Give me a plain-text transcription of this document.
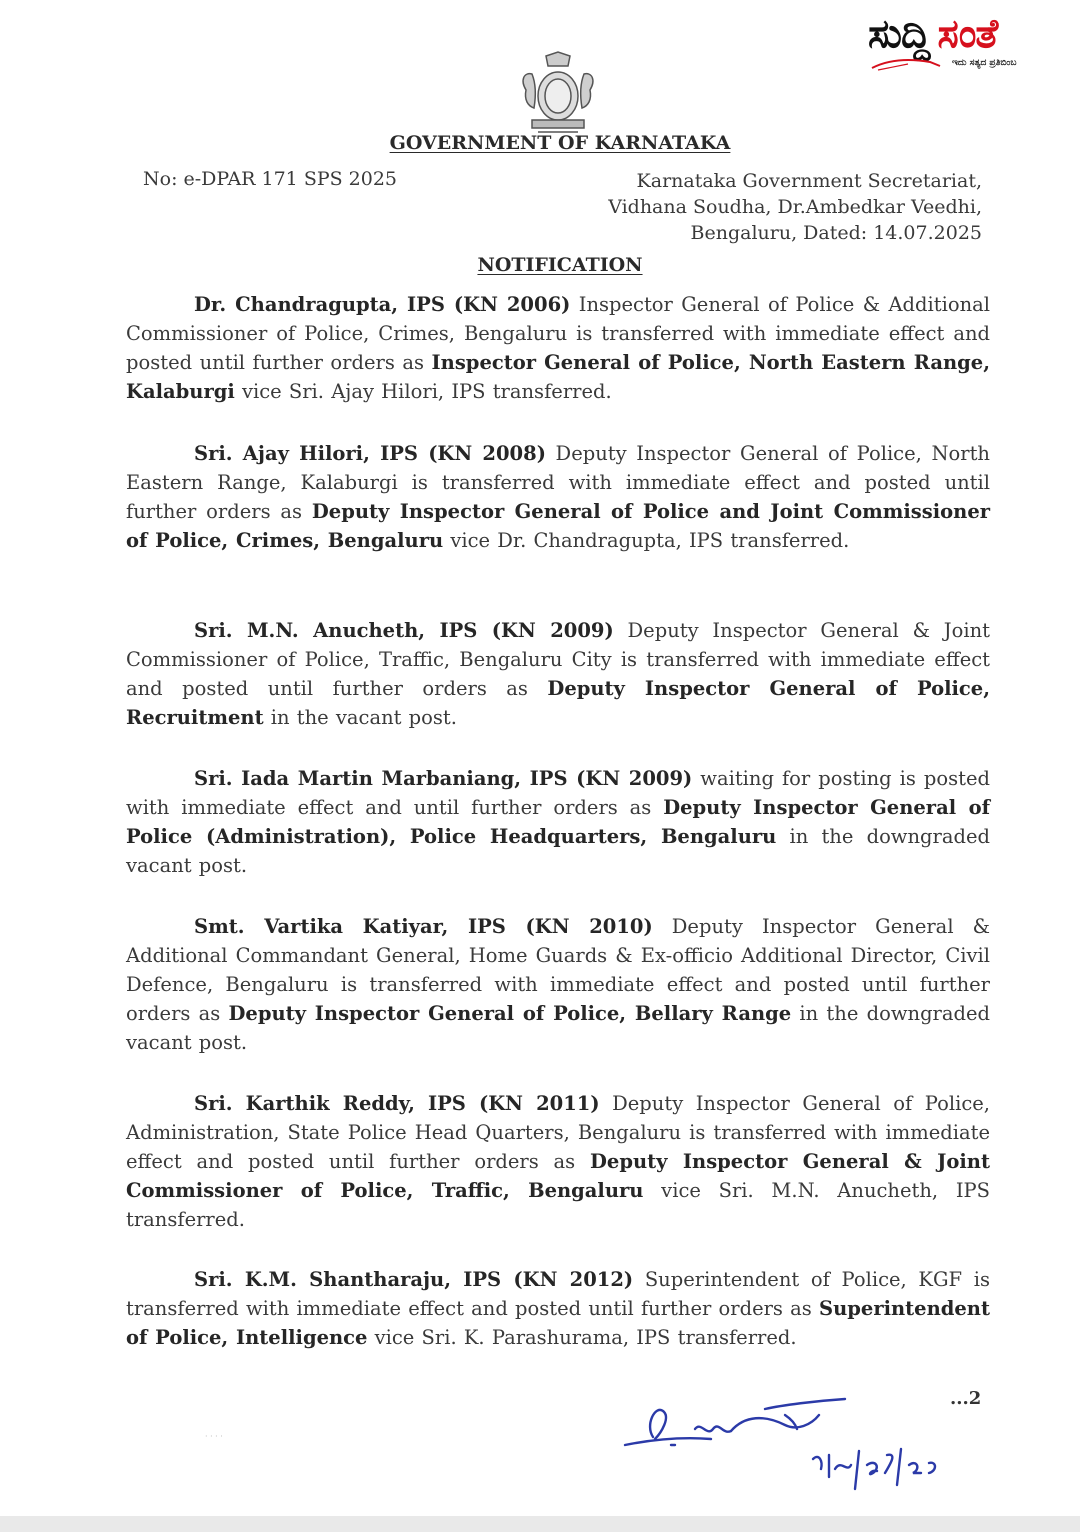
ಸುದ್ದಿ ಸಂತೆ
ಇದು ಸತ್ಯದ ಪ್ರತಿಬಿಂಬ
GOVERNMENT OF KARNATAKA
No: e-DPAR 171 SPS 2025	Karnataka Government Secretariat,
Vidhana Soudha, Dr.Ambedkar Veedhi,
Bengaluru, Dated: 14.07.2025
NOTIFICATION
Dr. Chandragupta, IPS (KN 2006) Inspector General of Police & Additional Commissioner of Police, Crimes, Bengaluru is transferred with immediate effect and posted until further orders as Inspector General of Police, North Eastern Range, Kalaburgi vice Sri. Ajay Hilori, IPS transferred.
Sri. Ajay Hilori, IPS (KN 2008) Deputy Inspector General of Police, North Eastern Range, Kalaburgi is transferred with immediate effect and posted until further orders as Deputy Inspector General of Police and Joint Commissioner of Police, Crimes, Bengaluru vice Dr. Chandragupta, IPS transferred.
Sri. M.N. Anucheth, IPS (KN 2009) Deputy Inspector General & Joint Commissioner of Police, Traffic, Bengaluru City is transferred with immediate effect and posted until further orders as Deputy Inspector General of Police, Recruitment in the vacant post.
Sri. Iada Martin Marbaniang, IPS (KN 2009) waiting for posting is posted with immediate effect and until further orders as Deputy Inspector General of Police (Administration), Police Headquarters, Bengaluru in the downgraded vacant post.
Smt. Vartika Katiyar, IPS (KN 2010) Deputy Inspector General & Additional Commandant General, Home Guards & Ex-officio Additional Director, Civil Defence, Bengaluru is transferred with immediate effect and posted until further orders as Deputy Inspector General of Police, Bellary Range in the downgraded vacant post.
Sri. Karthik Reddy, IPS (KN 2011) Deputy Inspector General of Police, Administration, State Police Head Quarters, Bengaluru is transferred with immediate effect and posted until further orders as Deputy Inspector General & Joint Commissioner of Police, Traffic, Bengaluru vice Sri. M.N. Anucheth, IPS transferred.
Sri. K.M. Shantharaju, IPS (KN 2012) Superintendent of Police, KGF is transferred with immediate effect and posted until further orders as Superintendent of Police, Intelligence vice Sri. K. Parashurama, IPS transferred.
...2
· · · ·
